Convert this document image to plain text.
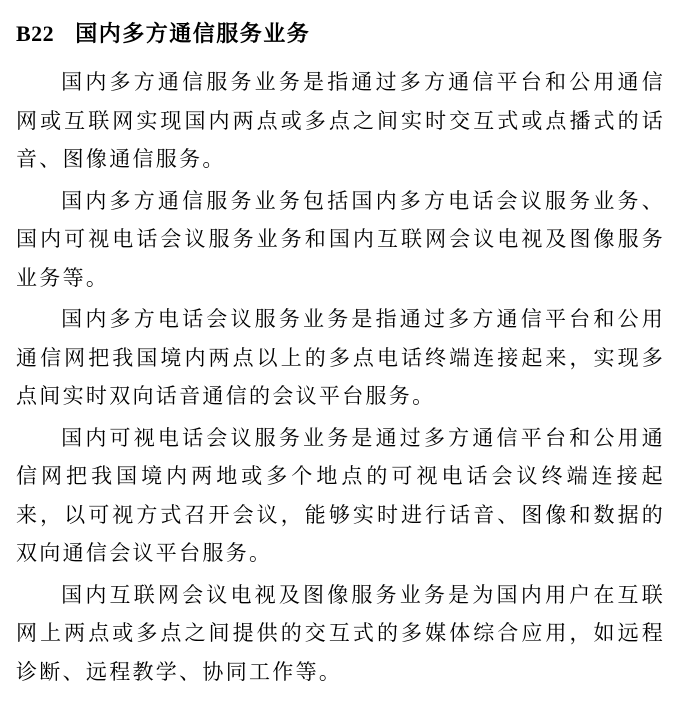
B22 国内多方通信服务业务

国内多方通信服务业务是指通过多方通信平台和公用通信网或互联网实现国内两点或多点之间实时交互式或点播式的话音、图像通信服务。

国内多方通信服务业务包括国内多方电话会议服务业务、国内可视电话会议服务业务和国内互联网会议电视及图像服务业务等。

国内多方电话会议服务业务是指通过多方通信平台和公用通信网把我国境内两点以上的多点电话终端连接起来，实现多点间实时双向话音通信的会议平台服务。

国内可视电话会议服务业务是通过多方通信平台和公用通信网把我国境内两地或多个地点的可视电话会议终端连接起来，以可视方式召开会议，能够实时进行话音、图像和数据的双向通信会议平台服务。

国内互联网会议电视及图像服务业务是为国内用户在互联网上两点或多点之间提供的交互式的多媒体综合应用，如远程诊断、远程教学、协同工作等。
